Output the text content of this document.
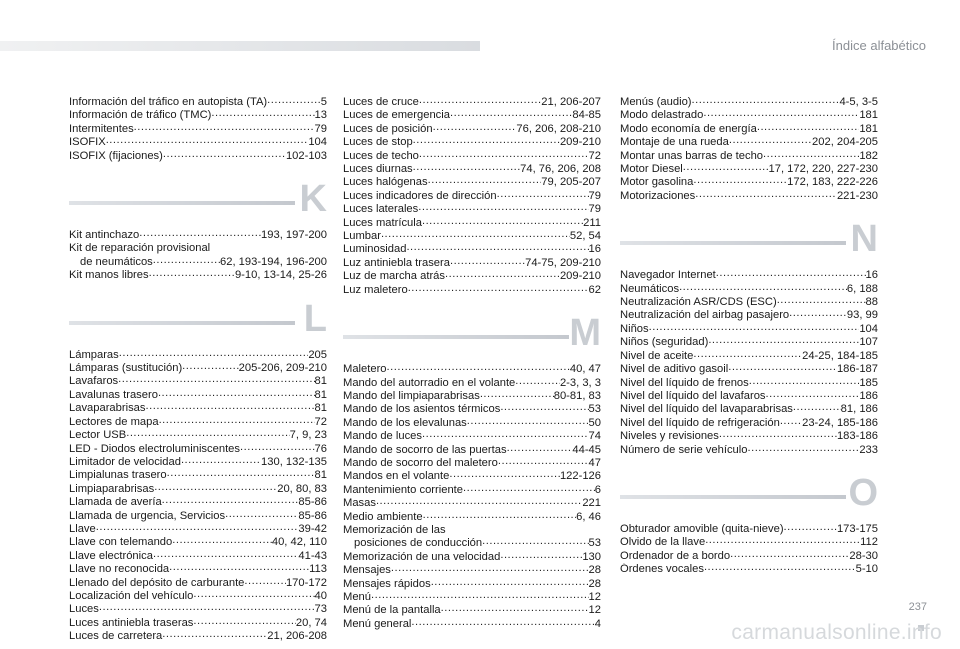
Índice alfabético
Información del tráfico en autopista (TA) .....	5
Información de tráfico (TMC) .....	13
Intermitentes .....	79
ISOFIX .....	104
ISOFIX (fijaciones) .....	102-103
K
Kit antinchazo .....	193, 197-200
Kit de reparación provisional
de neumáticos .....	62, 193-194, 196-200
Kit manos libres .....	9-10, 13-14, 25-26
L
Lámparas .....	205
Lámparas (sustitución) .....	205-206, 209-210
Lavafaros .....	81
Lavalunas trasero .....	81
Lavaparabrisas .....	81
Lectores de mapa .....	72
Lector USB .....	7, 9, 23
LED - Diodos electroluminiscentes .....	76
Limitador de velocidad .....	130, 132-135
Limpialunas trasero .....	81
Limpiaparabrisas .....	20, 80, 83
Llamada de avería .....	85-86
Llamada de urgencia, Servicios .....	85-86
Llave .....	39-42
Llave con telemando .....	40, 42, 110
Llave electrónica .....	41-43
Llave no reconocida .....	113
Llenado del depósito de carburante .....	170-172
Localización del vehículo .....	40
Luces .....	73
Luces antiniebla traseras .....	20, 74
Luces de carretera .....	21, 206-208
Luces de cruce .....	21, 206-207
Luces de emergencia .....	84-85
Luces de posición .....	76, 206, 208-210
Luces de stop .....	209-210
Luces de techo .....	72
Luces diurnas .....	74, 76, 206, 208
Luces halógenas .....	79, 205-207
Luces indicadores de dirección .....	79
Luces laterales .....	79
Luces matrícula .....	211
Lumbar .....	52, 54
Luminosidad .....	16
Luz antiniebla trasera .....	74-75, 209-210
Luz de marcha atrás .....	209-210
Luz maletero .....	62
M
Maletero .....	40, 47
Mando del autorradio en el volante .....	2-3, 3, 3
Mando del limpiaparabrisas .....	80-81, 83
Mando de los asientos térmicos .....	53
Mando de los elevalunas .....	50
Mando de luces .....	74
Mando de socorro de las puertas .....	44-45
Mando de socorro del maletero .....	47
Mandos en el volante .....	122-126
Mantenimiento corriente .....	6
Masas .....	221
Medio ambiente .....	6, 46
Memorización de las
posiciones de conducción .....	53
Memorización de una velocidad .....	130
Mensajes .....	28
Mensajes rápidos .....	28
Menú .....	12
Menú de la pantalla .....	12
Menú general .....	4
Menús (audio) .....	4-5, 3-5
Modo delastrado .....	181
Modo economía de energía .....	181
Montaje de una rueda .....	202, 204-205
Montar unas barras de techo .....	182
Motor Diesel .....	17, 172, 220, 227-230
Motor gasolina .....	172, 183, 222-226
Motorizaciones .....	221-230
N
Navegador Internet .....	16
Neumáticos .....	6, 188
Neutralización ASR/CDS (ESC) .....	88
Neutralización del airbag pasajero .....	93, 99
Niños .....	104
Niños (seguridad) .....	107
Nivel de aceite .....	24-25, 184-185
Nivel de aditivo gasoil .....	186-187
Nivel del líquido de frenos .....	185
Nivel del líquido del lavafaros .....	186
Nivel del líquido del lavaparabrisas .....	81, 186
Nivel del líquido de refrigeración ..... 23-24, 185-186
Niveles y revisiones .....	183-186
Número de serie vehículo .....	233
O
Obturador amovible (quita-nieve) .....	173-175
Olvido de la llave .....	112
Ordenador de a bordo .....	28-30
Órdenes vocales .....	5-10
237
carmanualsonline.info
